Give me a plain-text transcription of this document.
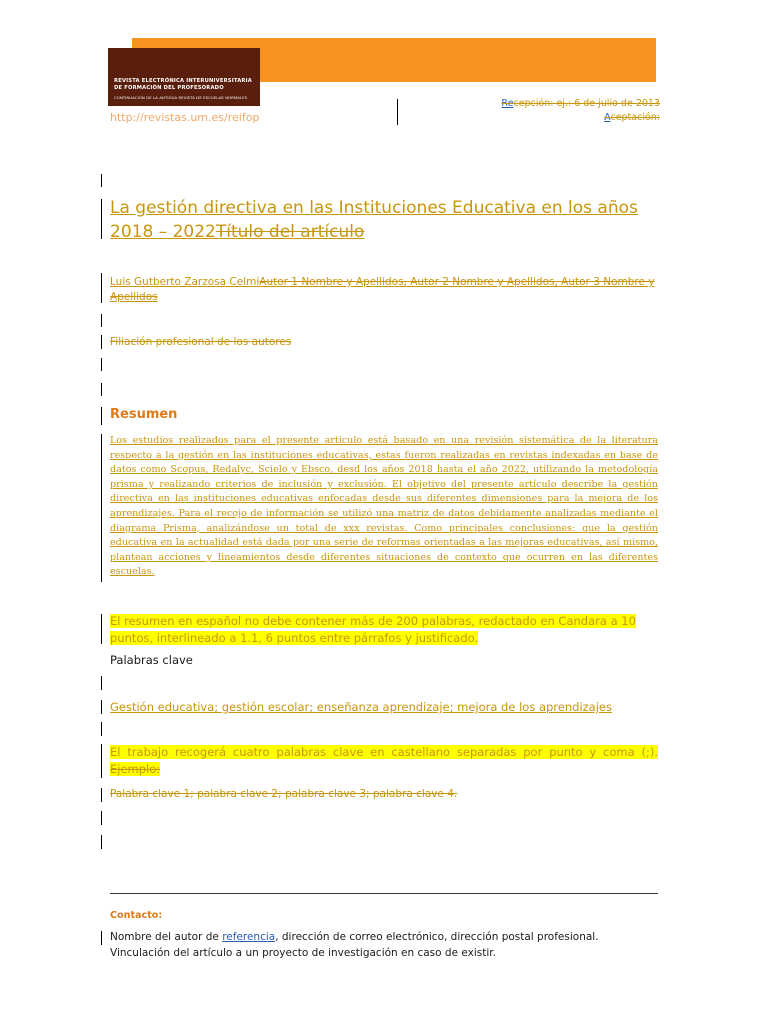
REVISTA ELECTRÓNICA INTERUNIVERSITARIA
DE FORMACIÓN DEL PROFESORADO
CONTINUACIÓN DE LA ANTIGUA REVISTA DE ESCUELAS NORMALES
http://revistas.um.es/reifop
Recepción: ej.: 6 de julio de 2013
Aceptación:
La gestión directiva en las Instituciones Educativa en los años 2018 – 2022Título del artículo
Luis Gutberto Zarzosa CelmiAutor 1 Nombre y Apellidos, Autor 2 Nombre y Apellidos, Autor 3 Nombre y Apellidos
Filiación profesional de los autores
Resumen
Los estudios realizados para el presente articulo está basado en una revisión sistemática de la literatura respecto a la gestión en las instituciones educativas, estas fueron realizadas en revistas indexadas en base de datos como Scopus, Redalyc, Scielo y Ebsco, desd los años 2018 hasta el año 2022, utilizando la metodología prisma y realizando criterios de inclusión y exclusión. El objetivo del presente artículo describe la gestión directiva en las instituciones educativas enfocadas desde sus diferentes dimensiones para la mejora de los aprendizajes. Para el recojo de información se utilizó una matriz de datos debidamente analizadas mediante el diagrama Prisma, analizándose un total de xxx revistas. Como principales conclusiones: que la gestión educativa en la actualidad está dada por una serie de reformas orientadas a las mejoras educativas, así mismo, plantean acciones y lineamientos desde diferentes situaciones de contexto que ocurren en las diferentes escuelas.
El resumen en español no debe contener más de 200 palabras, redactado en Candara a 10 puntos, interlineado a 1.1, 6 puntos entre párrafos y justificado.
Palabras clave
Gestión educativa; gestión escolar; enseñanza aprendizaje; mejora de los aprendizajes
El trabajo recogerá cuatro palabras clave en castellano separadas por punto y coma (;). Ejemplo:
Palabra clave 1; palabra clave 2; palabra clave 3; palabra clave 4.
Contacto:
Nombre del autor de referencia, dirección de correo electrónico, dirección postal profesional.
Vinculación del artículo a un proyecto de investigación en caso de existir.
